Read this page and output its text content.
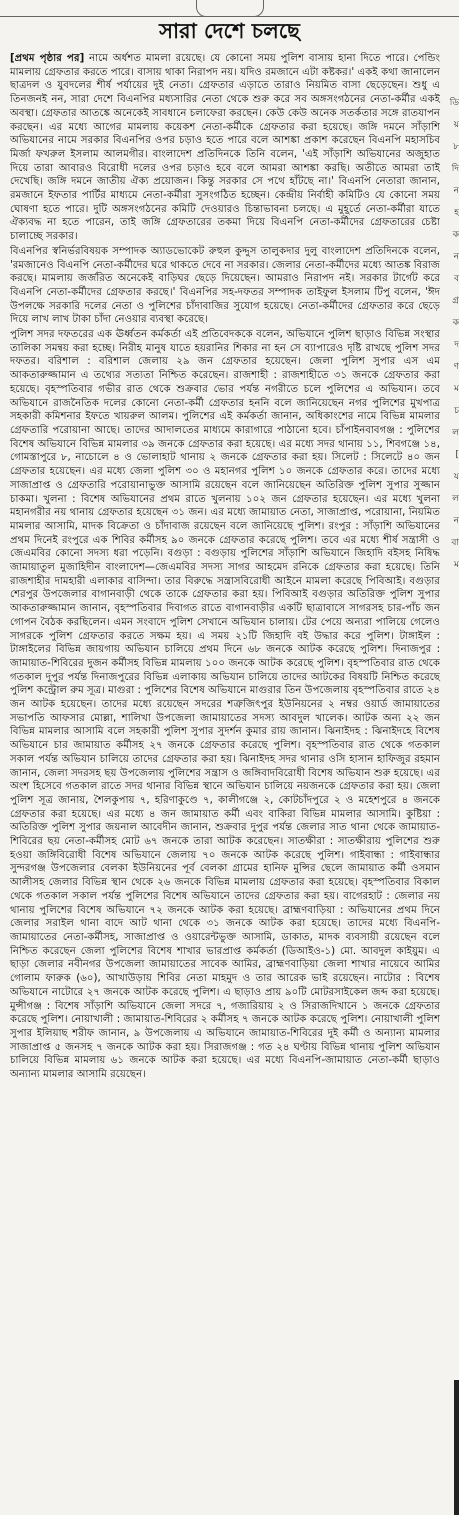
সারা দেশে চলছে

[প্রথম পৃষ্ঠার পর] নামে অর্ধশত মামলা রয়েছে। যে কোনো সময় পুলিশ বাসায় হানা দিতে পারে। পেন্ডিং মামলায় গ্রেফতার করতে পারে। বাসায় থাকা নিরাপদ নয়। যদিও রমজানে এটা কষ্টকর।' একই কথা জানালেন ছাত্রদল ও যুবদলের শীর্ষ পর্যায়ের দুই নেতা। গ্রেফতার এড়াতে তারাও নিয়মিত বাসা ছেড়েছেন। শুধু এ তিনজনই নন, সারা দেশে বিএনপির মধ্যসারির নেতা থেকে শুরু করে সব অঙ্গসংগঠনের নেতা-কর্মীর একই অবস্থা। গ্রেফতার আতঙ্কে অনেকেই সাবধানে চলাফেরা করছেন। কেউ কেউ অনেক সতর্কতার সঙ্গে রাতযাপন করছেন। এর মধ্যে আগের মামলায় কয়েকশ নেতা-কর্মীকে গ্রেফতার করা হয়েছে। জঙ্গি দমনে সাঁড়াশি অভিযানের নামে সরকার বিএনপির ওপর চড়াও হতে পারে বলে আশঙ্কা প্রকাশ করেছেন বিএনপি মহাসচিব মির্জা ফখরুল ইসলাম আলমগীর। বাংলাদেশ প্রতিদিনকে তিনি বলেন, 'এই সাঁড়াশি অভিযানের অজুহাত দিয়ে তারা আবারও বিরোধী দলের ওপর চড়াও হবে বলে আমরা আশঙ্কা করছি। অতীতে আমরা তাই দেখেছি। জঙ্গি দমনে জাতীয় ঐক্য প্রয়োজন। কিন্তু সরকার সে পথে হাঁটছে না।' বিএনপি নেতারা জানান, রমজানে ইফতার পার্টির মাধ্যমে নেতা-কর্মীরা সুসংগঠিত হচ্ছেন। কেন্দ্রীয় নির্বাহী কমিটিও যে কোনো সময় ঘোষণা হতে পারে। দুটি অঙ্গসংগঠনের কমিটি দেওয়ারও চিন্তাভাবনা চলছে। এ মুহূর্তে নেতা-কর্মীরা যাতে ঐক্যবদ্ধ না হতে পারেন, তাই জঙ্গি গ্রেফতারের তকমা দিয়ে বিএনপি নেতা-কর্মীদের গ্রেফতারের চেষ্টা চালাচ্ছে সরকার।

বিএনপির স্বনির্ভরবিষয়ক সম্পাদক অ্যাডভোকেট রুহুল কুদ্দুস তালুকদার দুলু বাংলাদেশ প্রতিদিনকে বলেন, 'রমজানেও বিএনপি নেতা-কর্মীদের ঘরে থাকতে দেবে না সরকার। জেলার নেতা-কর্মীদের মধ্যে আতঙ্ক বিরাজ করছে। মামলায় জর্জরিত অনেকেই বাড়িঘর ছেড়ে দিয়েছেন। আমরাও নিরাপদ নই। সরকার টার্গেট করে বিএনপি নেতা-কর্মীদের গ্রেফতার করছে।' বিএনপির সহ-দফতর সম্পাদক তাইফুল ইসলাম টিপু বলেন, 'ঈদ উপলক্ষে সরকারি দলের নেতা ও পুলিশের চাঁদাবাজির সুযোগ হয়েছে। নেতা-কর্মীদের গ্রেফতার করে ছেড়ে দিয়ে লাখ লাখ টাকা চাঁদা নেওয়ার ব্যবস্থা করেছে।

পুলিশ সদর দফতরের এক ঊর্ধ্বতন কর্মকর্তা এই প্রতিবেদককে বলেন, অভিযানে পুলিশ ছাড়াও বিভিন্ন সংস্থার তালিকা সমন্বয় করা হচ্ছে। নিরীহ মানুষ যাতে হয়রানির শিকার না হন সে ব্যাপারেও দৃষ্টি রাখছে পুলিশ সদর দফতর। বরিশাল : বরিশাল জেলায় ২৯ জন গ্রেফতার হয়েছেন। জেলা পুলিশ সুপার এস এম আকতারুজ্জামান এ তথ্যের সত্যতা নিশ্চিত করেছেন। রাজশাহী : রাজশাহীতে ৩১ জনকে গ্রেফতার করা হয়েছে। বৃহস্পতিবার গভীর রাত থেকে শুক্রবার ভোর পর্যন্ত নগরীতে চলে পুলিশের এ অভিযান। তবে অভিযানে রাজনৈতিক দলের কোনো নেতা-কর্মী গ্রেফতার হননি বলে জানিয়েছেন নগর পুলিশের মুখপাত্র সহকারী কমিশনার ইফতে খায়রুল আলম। পুলিশের এই কর্মকর্তা জানান, অধিকাংশের নামে বিভিন্ন মামলার গ্রেফতারি পরোয়ানা আছে। তাদের আদালতের মাধ্যমে কারাগারে পাঠানো হবে। চাঁপাইনবাবগঞ্জ : পুলিশের বিশেষ অভিযানে বিভিন্ন মামলার ৩৯ জনকে গ্রেফতার করা হয়েছে। এর মধ্যে সদর থানায় ১১, শিবগঞ্জে ১৪, গোমস্তাপুরে ৮, নাচোলে ৪ ও ভোলাহাট থানায় ২ জনকে গ্রেফতার করা হয়। সিলেট : সিলেটে ৪০ জন গ্রেফতার হয়েছেন। এর মধ্যে জেলা পুলিশ ৩০ ও মহানগর পুলিশ ১০ জনকে গ্রেফতার করে। তাদের মধ্যে সাজাপ্রাপ্ত ও গ্রেফতারি পরোয়ানাভুক্ত আসামি রয়েছেন বলে জানিয়েছেন অতিরিক্ত পুলিশ সুপার সুজ্জান চাকমা। খুলনা : বিশেষ অভিযানের প্রথম রাতে খুলনায় ১০২ জন গ্রেফতার হয়েছেন। এর মধ্যে খুলনা মহানগরীর নয় থানায় গ্রেফতার হয়েছেন ৩১ জন। এর মধ্যে জামায়াত নেতা, সাজাপ্রাপ্ত, পরোয়ানা, নিয়মিত মামলার আসামি, মাদক বিক্রেতা ও চাঁদাবাজ রয়েছেন বলে জানিয়েছে পুলিশ। রংপুর : সাঁড়াশি অভিযানের প্রথম দিনেই রংপুরে এক শিবির কর্মীসহ ৯০ জনকে গ্রেফতার করেছে পুলিশ। তবে এর মধ্যে শীর্ষ সন্ত্রাসী ও জেএমবির কোনো সদস্য ধরা পড়েনি। বগুড়া : বগুড়ায় পুলিশের সাঁড়াশি অভিযানে জিহাদি বইসহ নিষিদ্ধ জামায়াতুল মুজাহিদীন বাংলাদেশ—জেএমবির সদস্য সাগর আহমেদ রনিকে গ্রেফতার করা হয়েছে। তিনি রাজশাহীর দামহারী এলাকার বাসিন্দা। তার বিরুদ্ধে সন্ত্রাসবিরোধী আইনে মামলা করেছে পিবিআই। বগুড়ার শেরপুর উপজেলার বাগানবাড়ী থেকে তাকে গ্রেফতার করা হয়। পিবিআই বগুড়ার অতিরিক্ত পুলিশ সুপার আকতারুজ্জামান জানান, বৃহস্পতিবার দিবাগত রাতে বাগানবাড়ীর একটি ছাত্রাবাসে সাগরসহ চার-পাঁচ জন গোপন বৈঠক করছিলেন। এমন সংবাদে পুলিশ সেখানে অভিযান চালায়। টের পেয়ে অন্যরা পালিয়ে গেলেও সাগরকে পুলিশ গ্রেফতার করতে সক্ষম হয়। এ সময় ২১টি জিহাদি বই উদ্ধার করে পুলিশ। টাঙ্গাইল : টাঙ্গাইলের বিভিন্ন জায়গায় অভিযান চালিয়ে প্রথম দিনে ৬৮ জনকে আটক করেছে পুলিশ। দিনাজপুর : জামায়াত-শিবিরের দুজন কর্মীসহ বিভিন্ন মামলায় ১০০ জনকে আটক করেছে পুলিশ। বৃহস্পতিবার রাত থেকে গতকাল দুপুর পর্যন্ত দিনাজপুরের বিভিন্ন এলাকায় অভিযান চালিয়ে তাদের আটকের বিষয়টি নিশ্চিত করেছে পুলিশ কন্ট্রোল রুম সূত্র। মাগুরা : পুলিশের বিশেষ অভিযানে মাগুরার তিন উপজেলায় বৃহস্পতিবার রাতে ২৪ জন আটক হয়েছেন। তাদের মধ্যে রয়েছেন সদরের শত্রুজিৎপুর ইউনিয়নের ২ নম্বর ওয়ার্ড জামায়াতের সভাপতি আফসার মোল্লা, শালিখা উপজেলা জামায়াতের সদস্য আবদুল খালেক। আটক অন্য ২২ জন বিভিন্ন মামলার আসামি বলে সহকারী পুলিশ সুপার সুদর্শন কুমার রায় জানান। ঝিনাইদহ : ঝিনাইদহে বিশেষ অভিযানে চার জামায়াত কর্মীসহ ২৭ জনকে গ্রেফতার করেছে পুলিশ। বৃহস্পতিবার রাত থেকে গতকাল সকাল পর্যন্ত অভিযান চালিয়ে তাদের গ্রেফতার করা হয়। ঝিনাইদহ সদর থানার ওসি হাসান হাফিজুর রহমান জানান, জেলা সদরসহ ছয় উপজেলায় পুলিশের সন্ত্রাস ও জঙ্গিবাদবিরোধী বিশেষ অভিযান শুরু হয়েছে। এর অংশ হিসেবে গতকাল রাতে সদর থানার বিভিন্ন স্থানে অভিযান চালিয়ে নয়জনকে গ্রেফতার করা হয়। জেলা পুলিশ সূত্র জানায়, শৈলকুপায় ৭, হরিণাকুণ্ডে ৭, কালীগঞ্জে ২, কোটচাঁদপুরে ২ ও মহেশপুরে ৪ জনকে গ্রেফতার করা হয়েছে। এর মধ্যে ৪ জন জামায়াত কর্মী এবং বাকিরা বিভিন্ন মামলার আসামি। কুষ্টিয়া : অতিরিক্ত পুলিশ সুপার জয়নাল আবেদীন জানান, শুক্রবার দুপুর পর্যন্ত জেলার সাত থানা থেকে জামায়াত-শিবিরের ছয় নেতা-কর্মীসহ মোট ৬৭ জনকে তারা আটক করেছেন। সাতক্ষীরা : সাতক্ষীরায় পুলিশের শুরু হওয়া জঙ্গিবিরোধী বিশেষ অভিযানে জেলায় ৭০ জনকে আটক করেছে পুলিশ। গাইবান্ধা : গাইবান্ধার সুন্দরগঞ্জ উপজেলার বেলকা ইউনিয়নের পূর্ব বেলকা গ্রামের হানিফ মুন্সির ছেলে জামায়াত কর্মী ওসমান আলীসহ জেলার বিভিন্ন স্থান থেকে ২৬ জনকে বিভিন্ন মামলায় গ্রেফতার করা হয়েছে। বৃহস্পতিবার বিকাল থেকে গতকাল সকাল পর্যন্ত পুলিশের বিশেষ অভিযানে তাদের গ্রেফতার করা হয়। বাগেরহাট : জেলার নয় থানায় পুলিশের বিশেষ অভিযানে ৭২ জনকে আটক করা হয়েছে। ব্রাহ্মণবাড়িয়া : অভিযানের প্রথম দিনে জেলার সরাইল থানা বাদে আট থানা থেকে ৩১ জনকে আটক করা হয়েছে। তাদের মধ্যে বিএনপি-জামায়াতের নেতা-কর্মীসহ, সাজাপ্রাপ্ত ও ওয়ারেন্টভুক্ত আসামি, ডাকাত, মাদক ব্যবসায়ী রয়েছেন বলে নিশ্চিত করেছেন জেলা পুলিশের বিশেষ শাখার ভারপ্রাপ্ত কর্মকর্তা (ডিআইও-১) মো. আবদুল কাইয়ুম। এ ছাড়া জেলার নবীনগর উপজেলা জামায়াতের সাবেক আমির, ব্রাহ্মণবাড়িয়া জেলা শাখার নায়েবে আমির গোলাম ফারুক (৬০), আখাউড়ায় শিবির নেতা মাহমুদ ও তার আরেক ভাই রয়েছেন। নাটোর : বিশেষ অভিযানে নাটোরে ২৭ জনকে আটক করেছে পুলিশ। এ ছাড়াও প্রায় ৯০টি মোটরসাইকেল জব্দ করা হয়েছে। মুন্সীগঞ্জ : বিশেষ সাঁড়াশি অভিযানে জেলা সদরে ৭, গজারিয়ায় ২ ও সিরাজদিখানে ১ জনকে গ্রেফতার করেছে পুলিশ। নোয়াখালী : জামায়াত-শিবিরের ২ কর্মীসহ ৭ জনকে আটক করেছে পুলিশ। নোয়াখালী পুলিশ সুপার ইলিয়াছ শরীফ জানান, ৯ উপজেলায় এ অভিযানে জামায়াত-শিবিরের দুই কর্মী ও অন্যান্য মামলার সাজাপ্রাপ্ত ৫ জনসহ ৭ জনকে আটক করা হয়। সিরাজগঞ্জ : গত ২৪ ঘণ্টায় বিভিন্ন থানায় পুলিশ অভিযান চালিয়ে বিভিন্ন মামলায় ৬১ জনকে আটক করা হয়েছে। এর মধ্যে বিএনপি-জামায়াত নেতা-কর্মী ছাড়াও অন্যান্য মামলার আসামি রয়েছেন।

ডি
য়
৮
দি
ন
হ
ক
ন
ব
গ্র
ক
দ
ণ
ম
চ
ল
[
য
ল
ন
বা
ম
